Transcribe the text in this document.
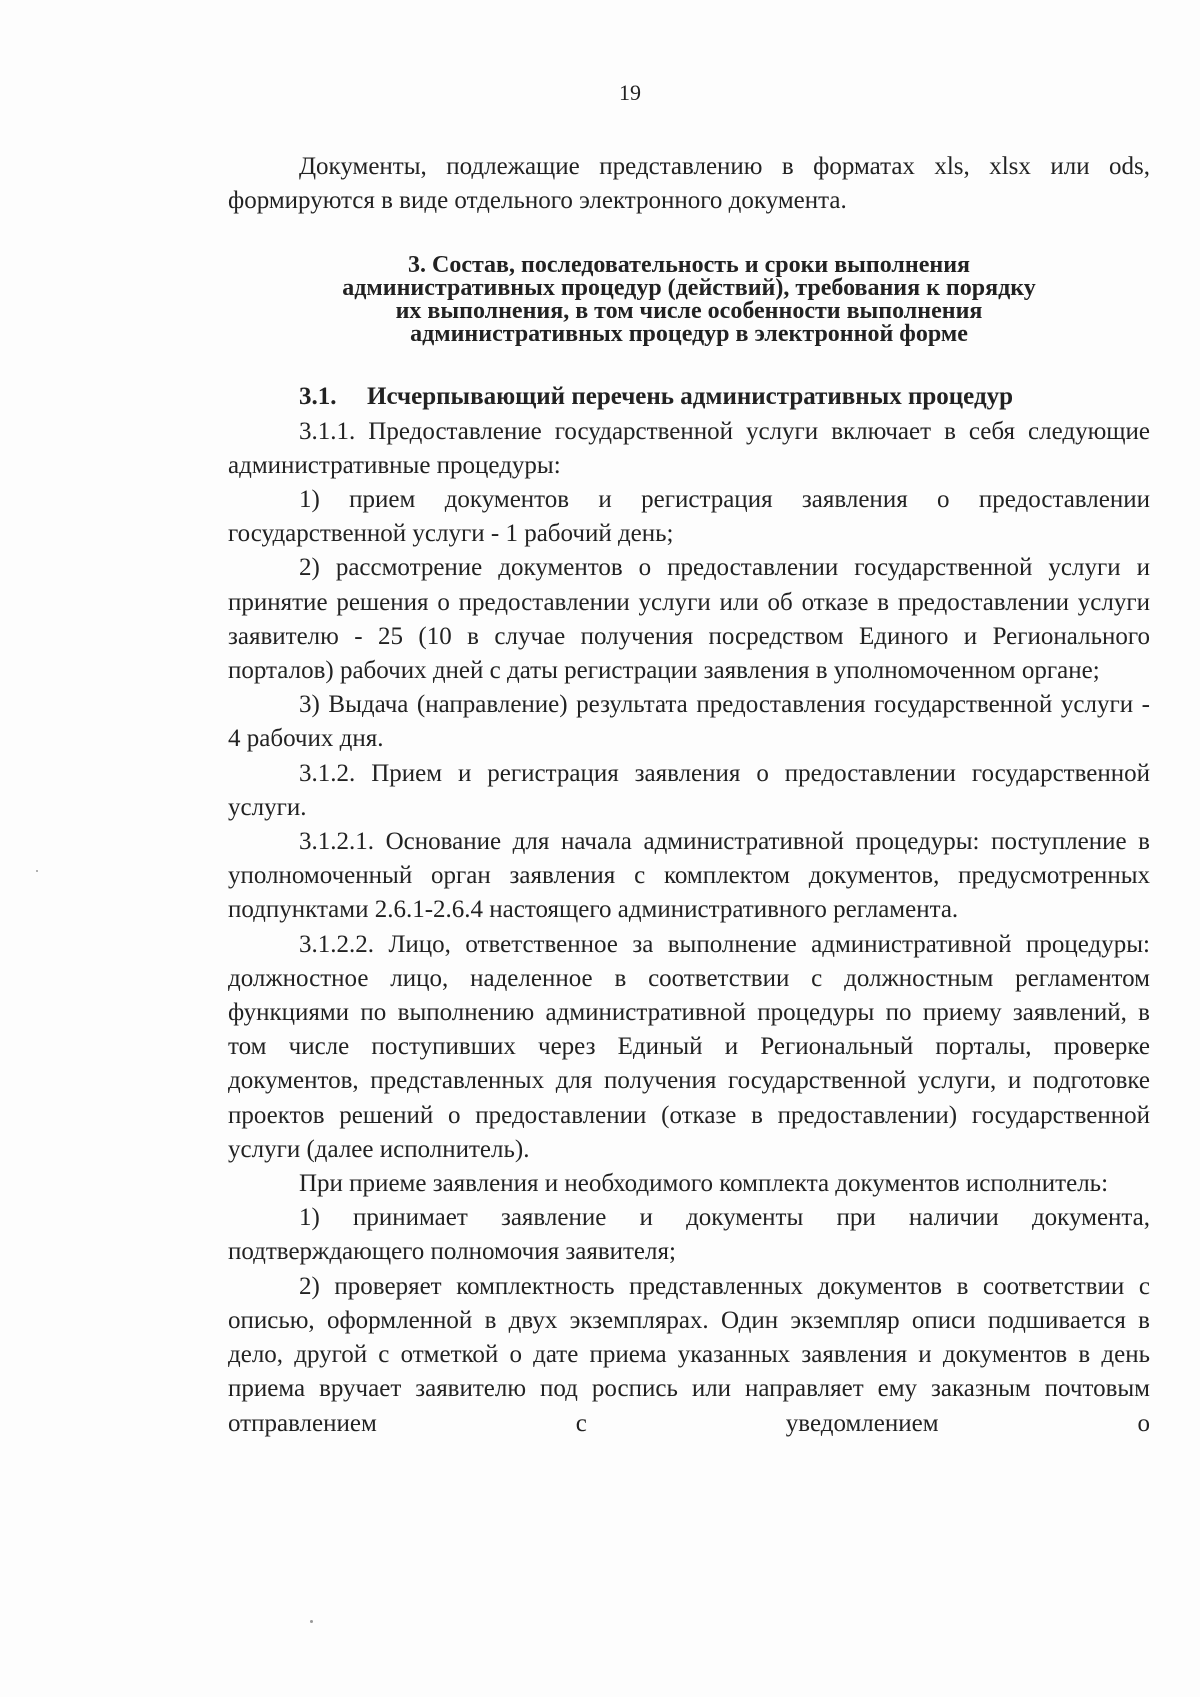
19

Документы, подлежащие представлению в форматах xls, xlsx или ods,

формируются в виде отдельного электронного документа.

3. Состав, последовательность и сроки выполнения
административных процедур (действий), требования к порядку
их выполнения, в том числе особенности выполнения
административных процедур в электронной форме

3.1. Исчерпывающий перечень административных процедур

3.1.1. Предоставление государственной услуги включает в себя следующие административные процедуры:

1) прием документов и регистрация заявления о предоставлении государственной услуги - 1 рабочий день;

2) рассмотрение документов о предоставлении государственной услуги и принятие решения о предоставлении услуги или об отказе в предоставлении услуги заявителю - 25 (10 в случае получения посредством Единого и Регионального порталов) рабочих дней с даты регистрации заявления в уполномоченном органе;

3) Выдача (направление) результата предоставления государственной услуги - 4 рабочих дня.

3.1.2. Прием и регистрация заявления о предоставлении государственной услуги.

3.1.2.1. Основание для начала административной процедуры: поступление в уполномоченный орган заявления с комплектом документов, предусмотренных подпунктами 2.6.1-2.6.4 настоящего административного регламента.

3.1.2.2. Лицо, ответственное за выполнение административной процедуры: должностное лицо, наделенное в соответствии с должностным регламентом функциями по выполнению административной процедуры по приему заявлений, в том числе поступивших через Единый и Региональный порталы, проверке документов, представленных для получения государственной услуги, и подготовке проектов решений о предоставлении (отказе в предоставлении) государственной услуги (далее исполнитель).

При приеме заявления и необходимого комплекта документов исполнитель:

1) принимает заявление и документы при наличии документа, подтверждающего полномочия заявителя;

2) проверяет комплектность представленных документов в соответствии с описью, оформленной в двух экземплярах. Один экземпляр описи подшивается в дело, другой с отметкой о дате приема указанных заявления и документов в день приема вручает заявителю под роспись или направляет ему заказным почтовым отправлением с уведомлением о
